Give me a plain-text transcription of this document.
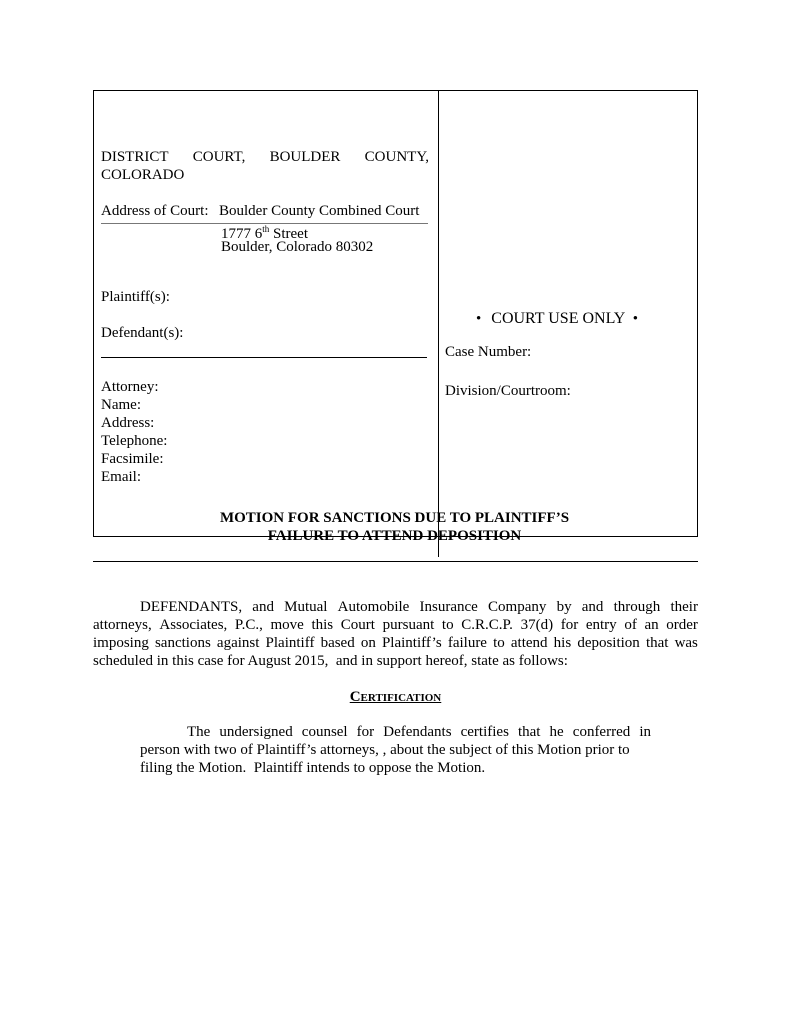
DISTRICT COURT, BOULDER COUNTY,
COLORADO
Address of Court: Boulder County Combined Court
1777 6th Street
Boulder, Colorado 80302
Plaintiff(s):
Defendant(s):
Attorney:
Name:
Address:
Telephone:
Facsimile:
Email:
• COURT USE ONLY •
Case Number:
Division/Courtroom:
MOTION FOR SANCTIONS DUE TO PLAINTIFF’S
FAILURE TO ATTEND DEPOSITION
DEFENDANTS, and Mutual Automobile Insurance Company by and through their
attorneys, Associates, P.C., move this Court pursuant to C.R.C.P. 37(d) for entry of an order
imposing sanctions against Plaintiff based on Plaintiff’s failure to attend his deposition that was
scheduled in this case for August 2015,  and in support hereof, state as follows:
Certification
The undersigned counsel for Defendants certifies that he conferred in
person with two of Plaintiff’s attorneys, , about the subject of this Motion prior to
filing the Motion.  Plaintiff intends to oppose the Motion.
